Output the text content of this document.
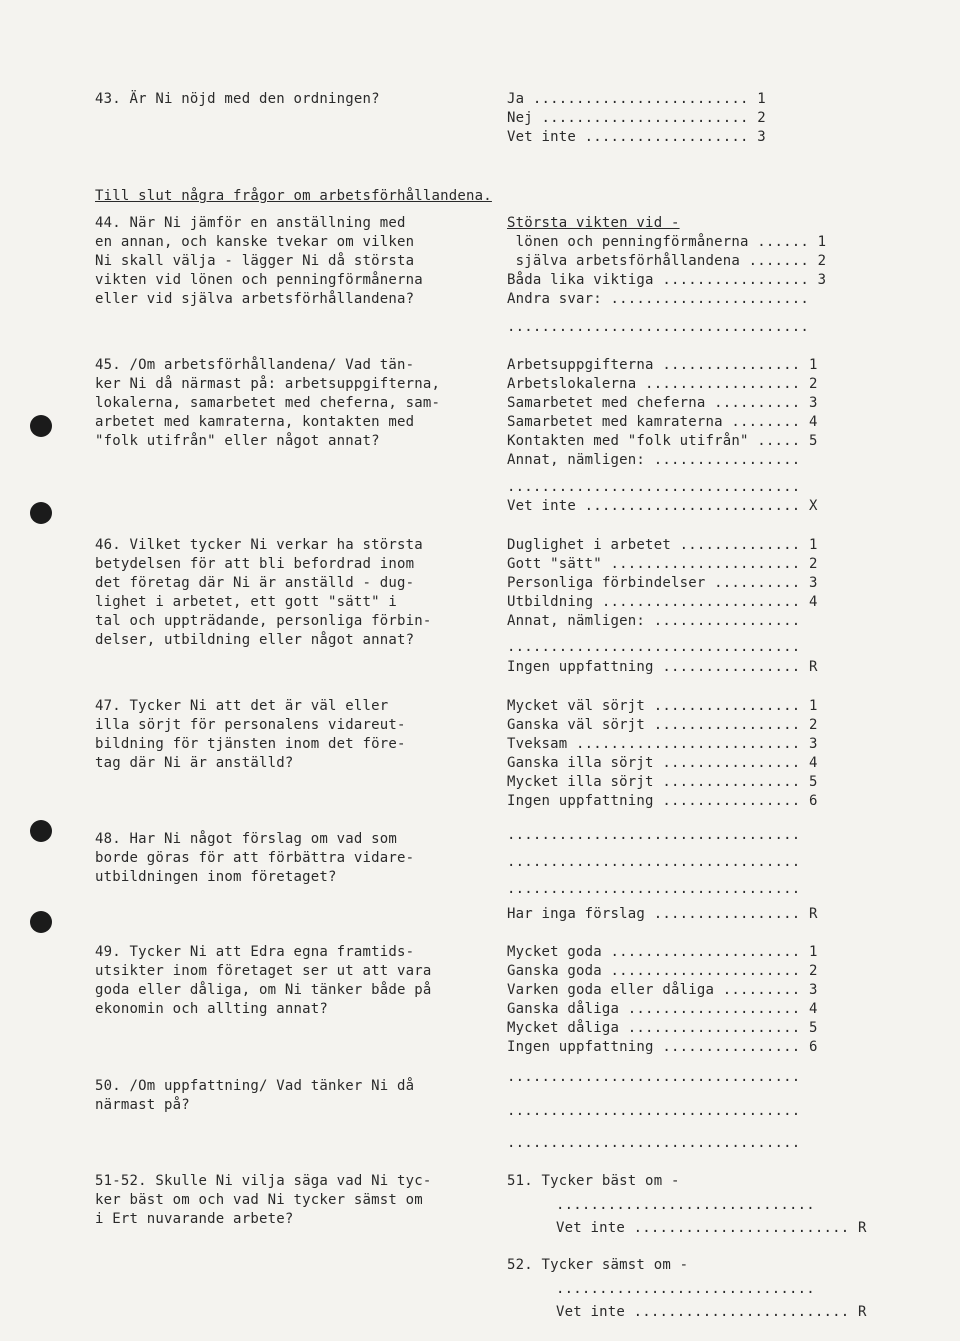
43. Är Ni nöjd med den ordningen?	Ja ......................... 1
Nej ........................ 2
Vet inte ................... 3
Till slut några frågor om arbetsförhållandena.
44. När Ni jämför en anställning med
en annan, och kanske tvekar om vilken
Ni skall välja - lägger Ni då största
vikten vid lönen och penningförmånerna
eller vid själva arbetsförhållandena?
Största vikten vid -
lönen och penningförmånerna ...... 1
själva arbetsförhållandena ....... 2
Båda lika viktiga ................. 3
Andra svar: .......................
...................................
45. /Om arbetsförhållandena/ Vad tän-
ker Ni då närmast på: arbetsuppgifterna,
lokalerna, samarbetet med cheferna, sam-
arbetet med kamraterna, kontakten med
"folk utifrån" eller något annat?
Arbetsuppgifterna ................ 1
Arbetslokalerna .................. 2
Samarbetet med cheferna .......... 3
Samarbetet med kamraterna ........ 4
Kontakten med "folk utifrån" ..... 5
Annat, nämligen: .................
..................................
Vet inte ......................... X
46. Vilket tycker Ni verkar ha största
betydelsen för att bli befordrad inom
det företag där Ni är anställd - dug-
lighet i arbetet, ett gott "sätt" i
tal och uppträdande, personliga förbin-
delser, utbildning eller något annat?
Duglighet i arbetet .............. 1
Gott "sätt" ...................... 2
Personliga förbindelser .......... 3
Utbildning ....................... 4
Annat, nämligen: .................
..................................
Ingen uppfattning ................ R
47. Tycker Ni att det är väl eller
illa sörjt för personalens vidareut-
bildning för tjänsten inom det före-
tag där Ni är anställd?
Mycket väl sörjt ................. 1
Ganska väl sörjt ................. 2
Tveksam .......................... 3
Ganska illa sörjt ................ 4
Mycket illa sörjt ................ 5
Ingen uppfattning ................ 6
48. Har Ni något förslag om vad som
borde göras för att förbättra vidare-
utbildningen inom företaget?
..................................
..................................
..................................
Har inga förslag ................. R
49. Tycker Ni att Edra egna framtids-
utsikter inom företaget ser ut att vara
goda eller dåliga, om Ni tänker både på
ekonomin och allting annat?
Mycket goda ...................... 1
Ganska goda ...................... 2
Varken goda eller dåliga ......... 3
Ganska dåliga .................... 4
Mycket dåliga .................... 5
Ingen uppfattning ................ 6
50. /Om uppfattning/ Vad tänker Ni då
närmast på?
..................................
..................................
..................................
51-52. Skulle Ni vilja säga vad Ni tyc-
ker bäst om och vad Ni tycker sämst om
i Ert nuvarande arbete?
51. Tycker bäst om -
..............................
Vet inte ......................... R
52. Tycker sämst om -
..............................
Vet inte ......................... R
